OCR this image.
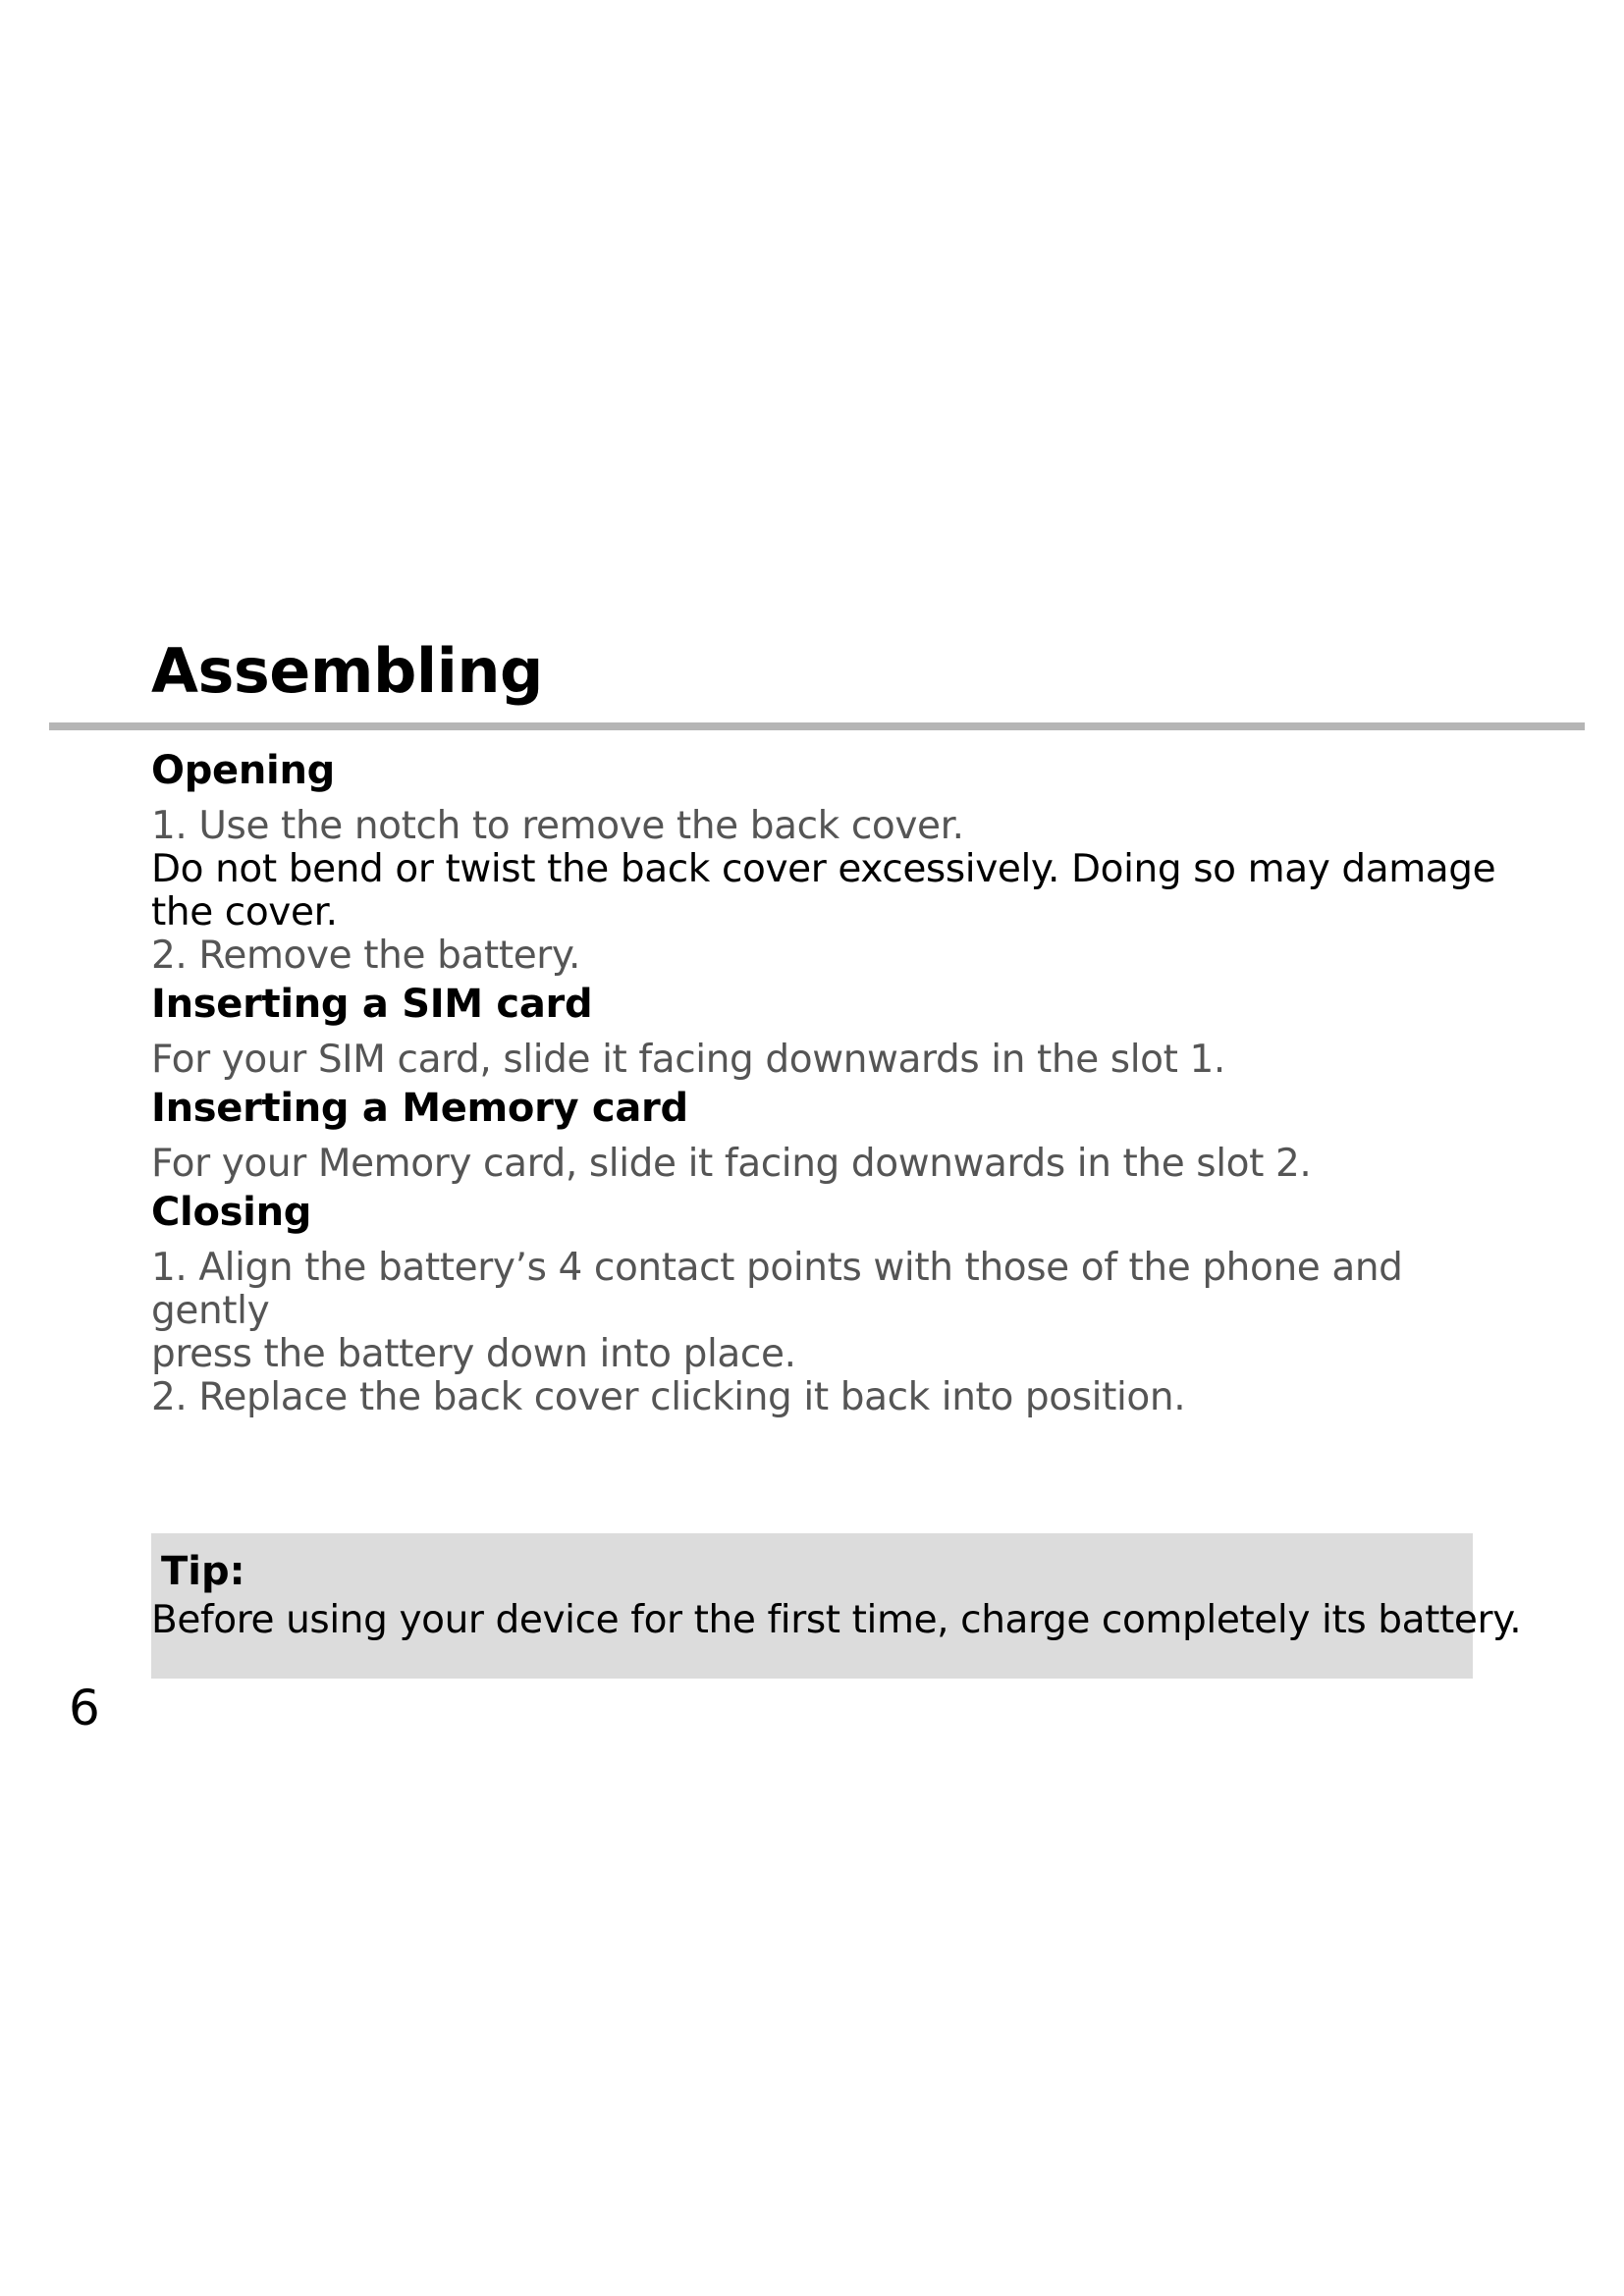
Assembling

Opening

1. Use the notch to remove the back cover.

Do not bend or twist the back cover excessively. Doing so may damage

the cover.

2. Remove the battery.

Inserting a SIM card

For your SIM card, slide it facing downwards in the slot 1.

Inserting a Memory card

For your Memory card, slide it facing downwards in the slot 2.

Closing

1. Align the battery’s 4 contact points with those of the phone and gently

press the battery down into place.

2. Replace the back cover clicking it back into position.

Tip:

Before using your device for the first time, charge completely its battery.

6
